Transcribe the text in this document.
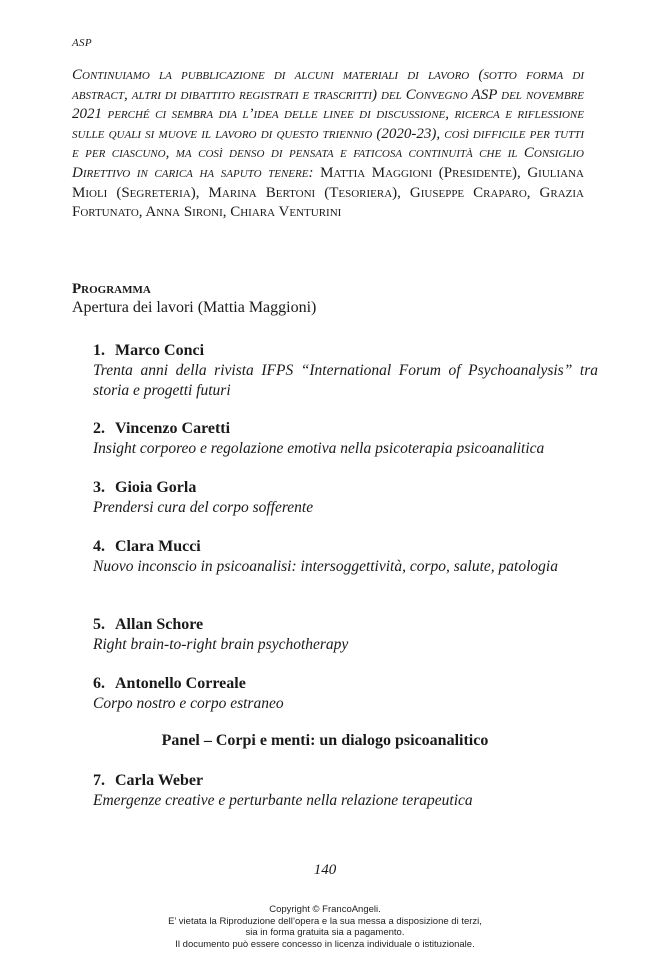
ASP
Continuiamo la pubblicazione di alcuni materiali di lavoro (sotto forma di abstract, altri di dibattito registrati e trascritti) del Convegno ASP del novembre 2021 perché ci sembra dia l’idea delle linee di discussione, ricerca e riflessione sulle quali si muove il lavoro di questo triennio (2020-23), così difficile per tutti e per ciascuno, ma così denso di pensata e faticosa continuità che il Consiglio Direttivo in carica ha saputo tenere: Mattia Maggioni (Presidente), Giuliana Mioli (Segreteria), Marina Bertoni (Tesoriera), Giuseppe Craparo, Grazia Fortunato, Anna Sironi, Chiara Venturini
Programma
Apertura dei lavori (Mattia Maggioni)
1. Marco Conci
Trenta anni della rivista IFPS “International Forum of Psychoanalysis” tra storia e progetti futuri
2. Vincenzo Caretti
Insight corporeo e regolazione emotiva nella psicoterapia psicoanalitica
3. Gioia Gorla
Prendersi cura del corpo sofferente
4. Clara Mucci
Nuovo inconscio in psicoanalisi: intersoggettività, corpo, salute, patologia
5. Allan Schore
Right brain-to-right brain psychotherapy
6. Antonello Correale
Corpo nostro e corpo estraneo
7. Carla Weber
Emergenze creative e perturbante nella relazione terapeutica
Panel – Corpi e menti: un dialogo psicoanalitico
140
Copyright © FrancoAngeli.
E’ vietata la Riproduzione dell’opera e la sua messa a disposizione di terzi,
sia in forma gratuita sia a pagamento.
Il documento può essere concesso in licenza individuale o istituzionale.
